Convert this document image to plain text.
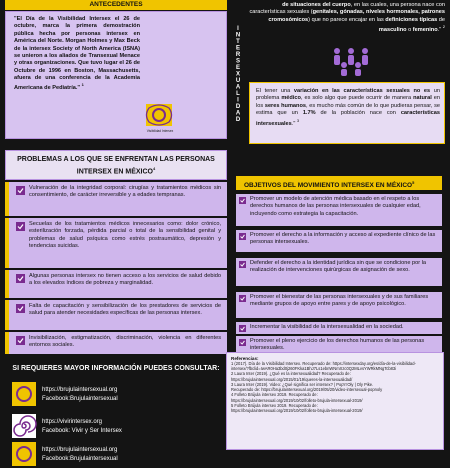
ANTECEDENTES
"El Día de la Visibilidad Intersex el 26 de octubre, marca la primera demostración pública hecha por personas intersex en América del Norte. Morgan Holmes y Max Beck de la intersex Society of North America (ISNA) se unieron a los aliados de Transexual Menace y otras organizaciones. Que tuvo lugar el 26 de Octubre de 1996 en Boston, Massachusetts, afuera de una conferencia de la Academia Americana de Pediatría." $^1$
Visibilidad Intersex
INTERSEXUALIDAD
de situaciones del cuerpo, en las cuales, una persona nace con características sexuales (genitales, gónadas, niveles hormonales, patrones cromosómicos) que no parece encajar en las definiciones típicas de masculino o femenino." $^2$
El tener una variación en las características sexuales no es un problema médico, es solo algo que puede ocurrir de manera natural en los seres humanos, es mucho más común de lo que pudieras pensar, se estima que un 1.7% de la población nace con características intersexuales." $^3$
PROBLEMAS A LOS QUE SE ENFRENTAN LAS PERSONAS INTERSEX EN MÉXICO$^4$
Vulneración de la integridad corporal: cirugías y tratamientos médicos sin consentimiento, de carácter irreversible y a edades tempranas.
Secuelas de los tratamientos médicos innecesarios como: dolor crónico, esterilización forzada, pérdida parcial o total de la sensibilidad genital y problemas de salud psíquica como estrés postraumático, depresión y tendencias suicidas.
Algunas personas intersex no tienen acceso a los servicios de salud debido a los elevados índices de pobreza y marginalidad.
Falta de capacitación y sensibilización de los prestadores de servicios de salud para atender necesidades específicas de las personas intersex.
Invisibilización, estigmatización, discriminación, violencia en diferentes entornos sociales.
OBJETIVOS DEL MOVIMIENTO INTERSEX EN MÉXICO$^5$
Promover un modelo de atención médica basado en el respeto a los derechos humanos de las personas intersexuales de cualquier edad, incluyendo como estrategia la capacitación.
Promover el derecho a la información y acceso al expediente clínico de las personas intersexuales.
Defender el derecho a la identidad jurídica sin que se condicione por la realización de intervenciones quirúrgicas de asignación de sexo.
Promover el bienestar de las personas intersexuales y de sus familiares mediante grupos de apoyo entre pares y de apoyo psicológico.
Incrementar la visibilidad de la intersexualidad en la sociedad.
Promover el pleno ejercicio de los derechos humanos de las personas intersexuales.
SI REQUIERES MAYOR INFORMACIÓN PUEDES CONSULTAR:
https://brujulaintersexual.org
Facebook:Brujulaintersexual
https://vivirintersex.org
Facebook: Vivir y Ser Intersex
https://brujulaintersexual.org
Facebook:Brujulaintersexual
Referencias:
1 (2017). Día de la Visibilidad Intersex. Recuperado de: https://intersexday.org/es/día-de-la-visibilidad-
intersex/?fbclid=IwAR0Ha3bd0j260FKka1BhJ7Ls1ebnWNmXzc0Q2MLvsYWRkMNgTcb83i
2 Laura Inter (2019). ¿Qué es la intersexualidad? Recuperado de:
https://brujulaintersexual.org/2015/01/19/queres-la-intersexualidad/
3 Laura Inter (2019). Video: ¿Qué significa ser intersex? | Pop'n'Oly | Oly Pike.
Recuperado de: https://brujulaintersexual.org/2019/05/20/video-intersexual-popnoly
4 Folleto Brújula intersex 2019. Recuperado de:
https://brujulaintersexual.org/2019/10/02/folleto-brujula-intersexual-2019/
5 Folleto Brújula intersex 2019. Recuperado de:
https://brujulaintersexual.org/2019/10/02/folleto-brujula-intersexual-2019/
